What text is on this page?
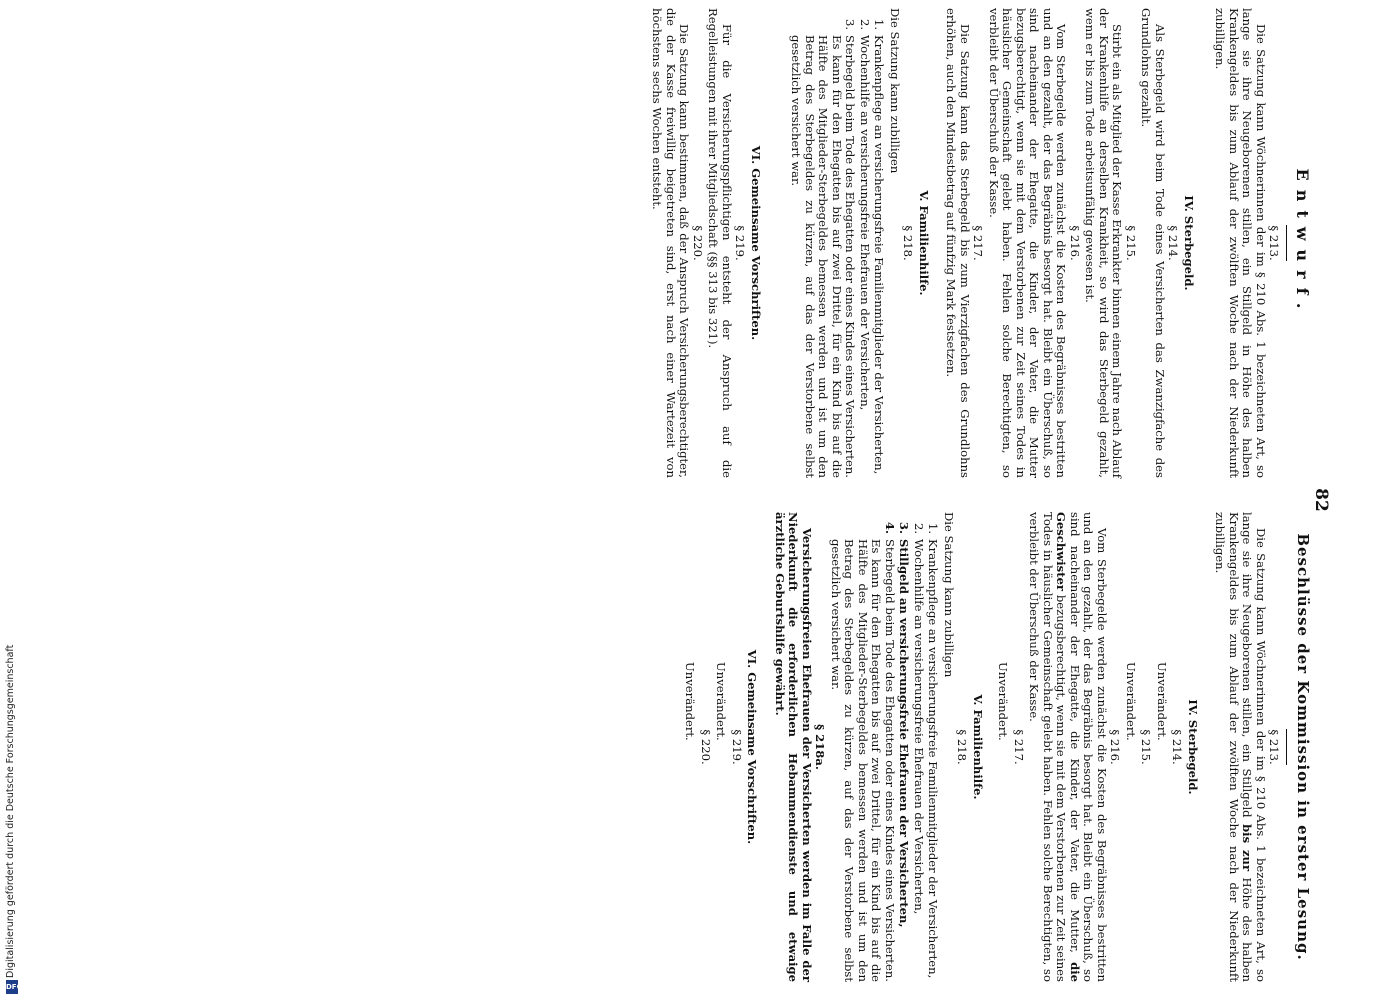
82
Entwurf.
§ 213.
Die Satzung kann Wöchnerinnen der im § 210 Abs. 1 bezeichneten Art, so lange sie ihre Neugeborenen stillen, ein Stillgeld in Höhe des halben Krankengeldes bis zum Ablauf der zwölften Woche nach der Niederkunft zubilligen.
IV. Sterbegeld.
§ 214.
Als Sterbegeld wird beim Tode eines Versicherten das Zwanzigfache des Grundlohns gezahlt.
§ 215.
Stirbt ein als Mitglied der Kasse Erkrankter binnen einem Jahre nach Ablauf der Krankenhilfe an derselben Krankheit, so wird das Sterbegeld gezahlt, wenn er bis zum Tode arbeitsunfähig gewesen ist.
§ 216.
Vom Sterbegelde werden zunächst die Kosten des Begräbnisses bestritten und an den gezahlt, der das Begräbnis besorgt hat. Bleibt ein Überschuß, so sind nacheinander der Ehegatte, die Kinder, der Vater, die Mutter bezugsberechtigt, wenn sie mit dem Verstorbenen zur Zeit seines Todes in häuslicher Gemeinschaft gelebt haben. Fehlen solche Berechtigten, so verbleibt der Überschuß der Kasse.
§ 217.
Die Satzung kann das Sterbegeld bis zum Vierzigfachen des Grundlohns erhöhen, auch den Mindestbetrag auf fünfzig Mark festsetzen.
V. Familienhilfe.
§ 218.
Die Satzung kann zubilligen
1.
Krankenpflege an versicherungsfreie Familienmitglieder der Versicherten,
2.
Wochenhilfe an versicherungsfreie Ehefrauen der Versicherten,
3.
Sterbegeld beim Tode des Ehegatten oder eines Kindes eines Versicherten. Es kann für den Ehegatten bis auf zwei Drittel, für ein Kind bis auf die Hälfte des Mitglieder-Sterbegeldes bemessen werden und ist um den Betrag des Sterbegeldes zu kürzen, auf das der Verstorbene selbst gesetzlich versichert war.
VI. Gemeinsame Vorschriften.
§ 219.
Für die Versicherungspflichtigen entsteht der Anspruch auf die Regelleistungen mit ihrer Mitgliedschaft (§§ 313 bis 321).
§ 220.
Die Satzung kann bestimmen, daß der Anspruch Versicherungsberechtigter, die der Kasse freiwillig beigetreten sind, erst nach einer Wartezeit von höchstens sechs Wochen entsteht.
Beschlüsse der Kommission in erster Lesung.
§ 213.
Die Satzung kann Wöchnerinnen der im § 210 Abs. 1 bezeichneten Art, so lange sie ihre Neugeborenen stillen, ein Stillgeld bis zur Höhe des halben Krankengeldes bis zum Ablauf der zwölften Woche nach der Niederkunft zubilligen.
IV. Sterbegeld.
§ 214.
Unverändert.
§ 215.
Unverändert.
§ 216.
Vom Sterbegelde werden zunächst die Kosten des Begräbnisses bestritten und an den gezahlt, der das Begräbnis besorgt hat. Bleibt ein Überschuß, so sind nacheinander der Ehegatte, die Kinder, der Vater, die Mutter, die Geschwister bezugsberechtigt, wenn sie mit dem Verstorbenen zur Zeit seines Todes in häuslicher Gemeinschaft gelebt haben. Fehlen solche Berechtigten, so verbleibt der Überschuß der Kasse.
§ 217.
Unverändert.
V. Familienhilfe.
§ 218.
Die Satzung kann zubilligen
1.
Krankenpflege an versicherungsfreie Familienmitglieder der Versicherten,
2.
Wochenhilfe an versicherungsfreie Ehefrauen der Versicherten,
3.
Stillgeld an versicherungsfreie Ehefrauen der Versicherten,
4.
Sterbegeld beim Tode des Ehegatten oder eines Kindes eines Versicherten. Es kann für den Ehegatten bis auf zwei Drittel, für ein Kind bis auf die Hälfte des Mitglieder-Sterbegeldes bemessen werden und ist um den Betrag des Sterbegeldes zu kürzen, auf das der Verstorbene selbst gesetzlich versichert war.
§ 218a.
Versicherungsfreien Ehefrauen der Versicherten werden im Falle der Niederkunft die erforderlichen Hebammendienste und etwaige ärztliche Geburtshilfe gewährt.
VI. Gemeinsame Vorschriften.
§ 219.
Unverändert.
§ 220.
Unverändert.
Digitalisierung gefördert durch die Deutsche Forschungsgemeinschaft
DFG
